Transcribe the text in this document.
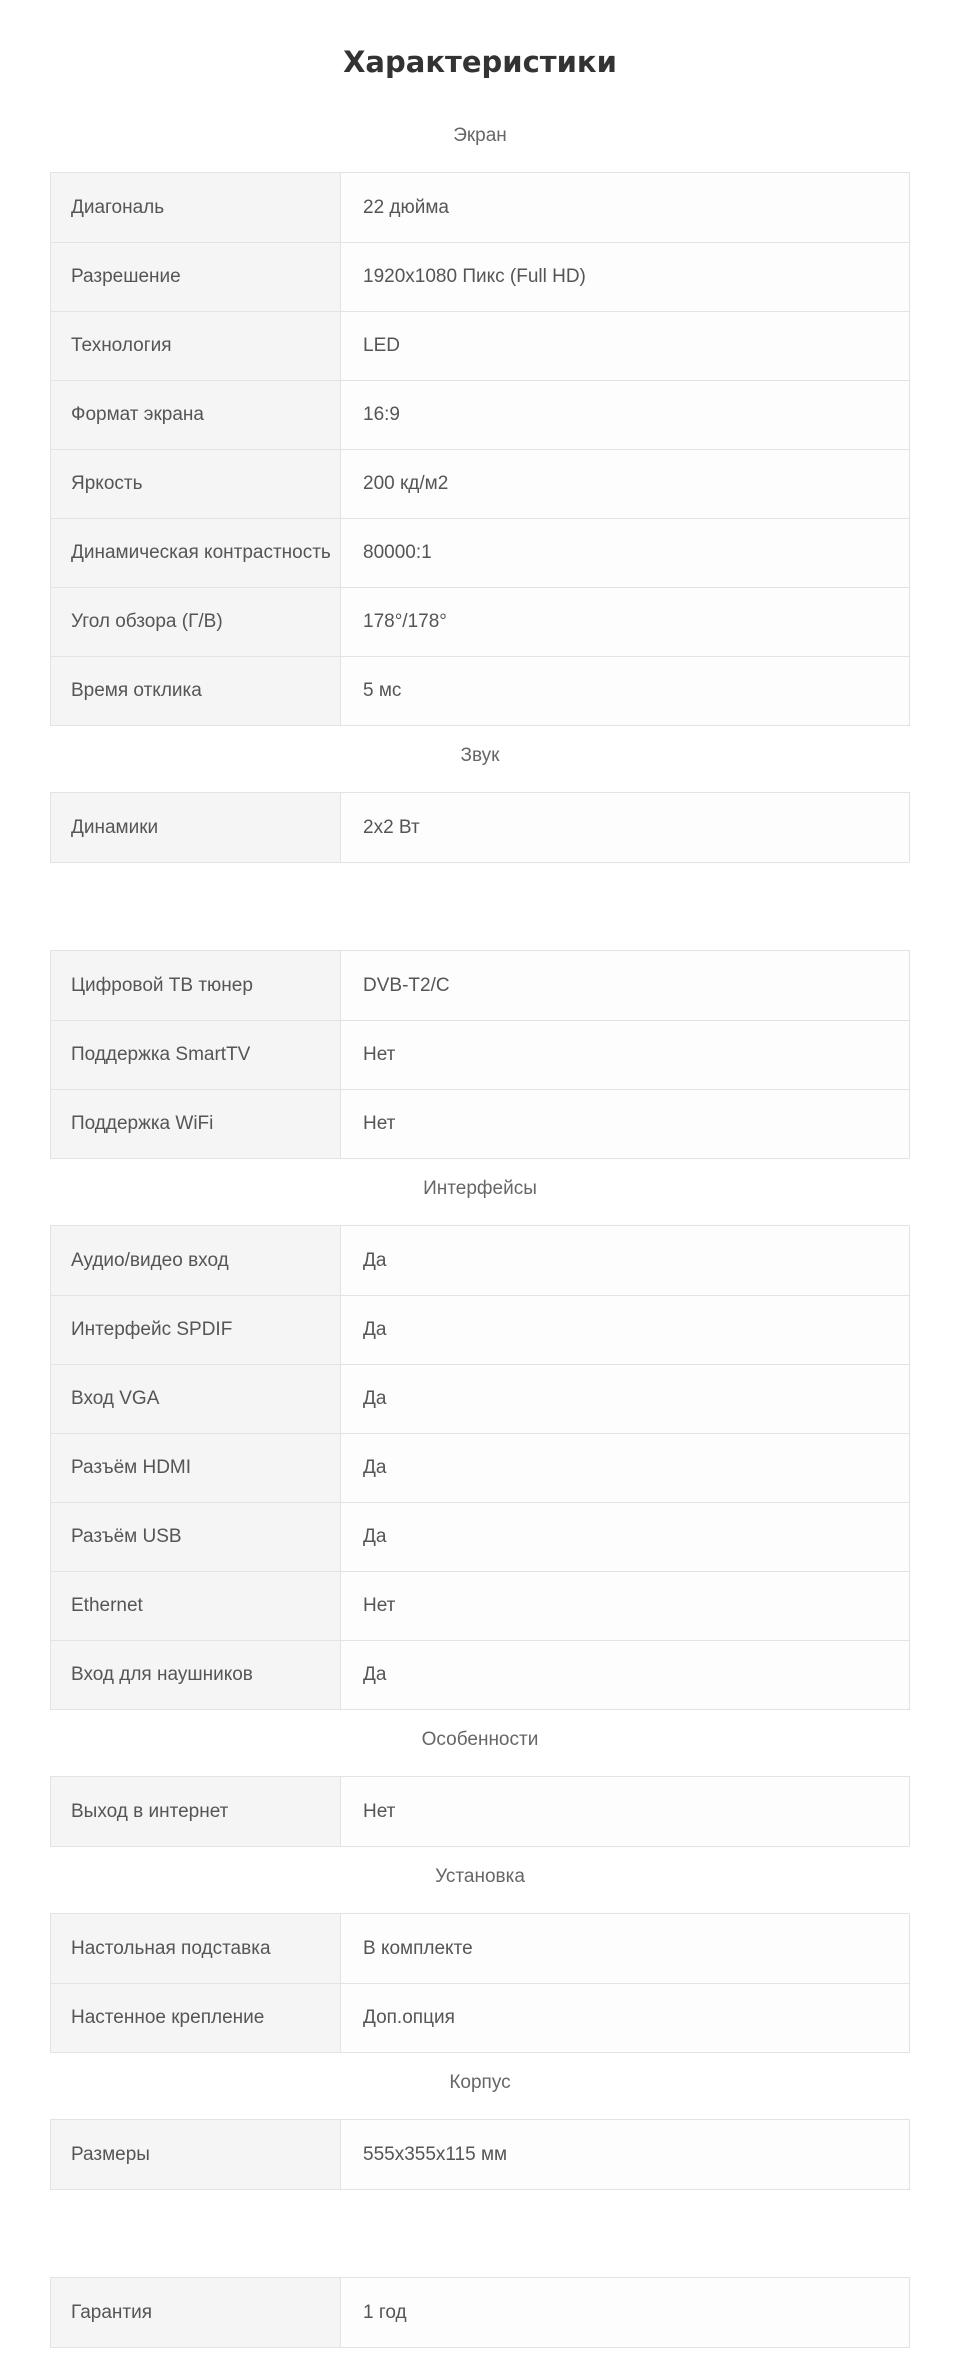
Характеристики
Экран
Диагональ	22 дюйма
Разрешение	1920x1080 Пикс (Full HD)
Технология	LED
Формат экрана	16:9
Яркость	200 кд/м2
Динамическая контрастность	80000:1
Угол обзора (Г/В)	178°/178°
Время отклика	5 мс
Звук
Динамики	2x2 Вт
Цифровой ТВ тюнер	DVB-T2/C
Поддержка SmartTV	Нет
Поддержка WiFi	Нет
Интерфейсы
Аудио/видео вход	Да
Интерфейс SPDIF	Да
Вход VGA	Да
Разъём HDMI	Да
Разъём USB	Да
Ethernet	Нет
Вход для наушников	Да
Особенности
Выход в интернет	Нет
Установка
Настольная подставка	В комплекте
Настенное крепление	Доп.опция
Корпус
Размеры	555x355x115 мм
Гарантия	1 год
